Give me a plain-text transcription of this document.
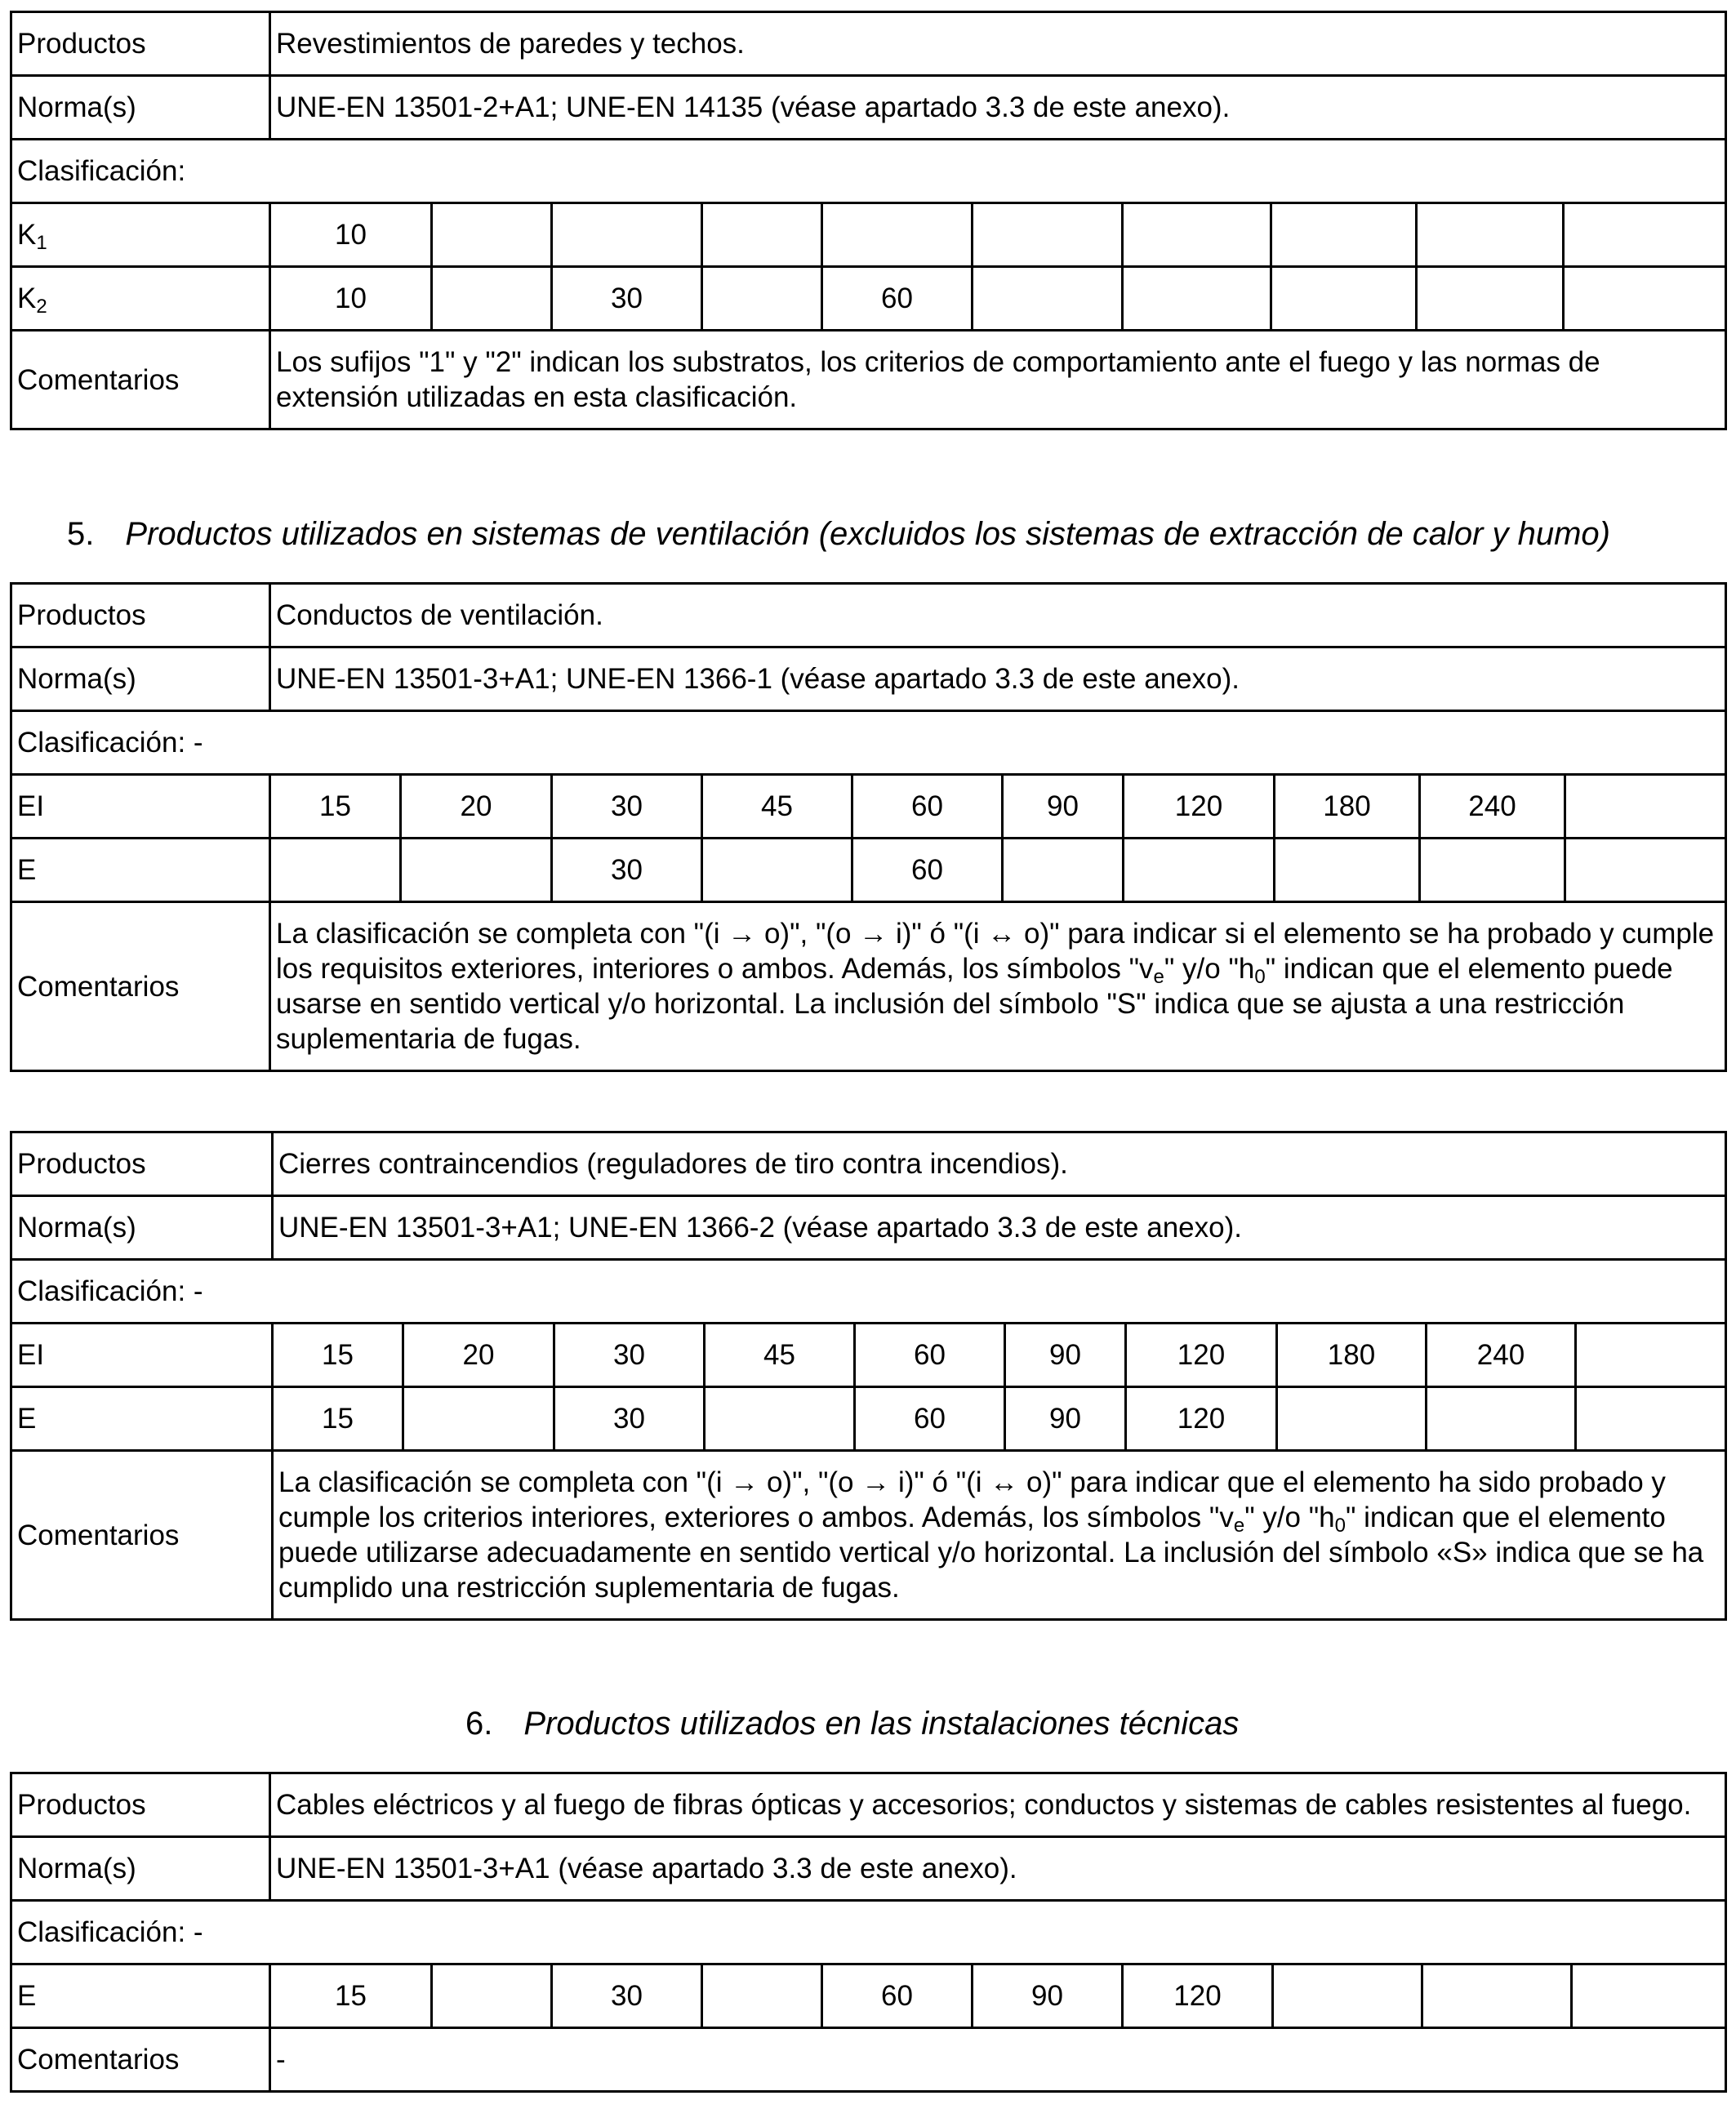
Productos	Revestimientos de paredes y techos.									
Norma(s)	UNE-EN 13501-2+A1; UNE-EN 14135 (véase apartado 3.3 de este anexo).									
Clasificación:										
$K_1$	10									
$K_2$	10		30		60					
Comentarios	Los sufijos "1" y "2" indican los substratos, los criterios de comportamiento ante el fuego y las normas de extensión utilizadas en esta clasificación.									
5. Productos utilizados en sistemas de ventilación (excluidos los sistemas de extracción de calor y humo)
Productos	Conductos de ventilación.									
Norma(s)	UNE-EN 13501-3+A1; UNE-EN 1366-1 (véase apartado 3.3 de este anexo).									
Clasificación: -										
EI	15	20	30	45	60	90	120	180	240	
E			30		60					
Comentarios	La clasificación se completa con "(i → o)", "(o → i)" ó "(i ↔ o)" para indicar si el elemento se ha probado y cumple los requisitos exteriores, interiores o ambos. Además, los símbolos "$v_e$" y/o "$h_0$" indican que el elemento puede usarse en sentido vertical y/o horizontal. La inclusión del símbolo "S" indica que se ajusta a una restricción suplementaria de fugas.									
Productos	Cierres contraincendios (reguladores de tiro contra incendios).									
Norma(s)	UNE-EN 13501-3+A1; UNE-EN 1366-2 (véase apartado 3.3 de este anexo).									
Clasificación: -										
EI	15	20	30	45	60	90	120	180	240	
E	15		30		60	90	120			
Comentarios	La clasificación se completa con "(i → o)", "(o → i)" ó "(i ↔ o)" para indicar que el elemento ha sido probado y cumple los criterios interiores, exteriores o ambos. Además, los símbolos "$v_e$" y/o "$h_0$" indican que el elemento puede utilizarse adecuadamente en sentido vertical y/o horizontal. La inclusión del símbolo «S» indica que se ha cumplido una restricción suplementaria de fugas.									
6. Productos utilizados en las instalaciones técnicas
Productos	Cables eléctricos y al fuego de fibras ópticas y accesorios; conductos y sistemas de cables resistentes al fuego.									
Norma(s)	UNE-EN 13501-3+A1 (véase apartado 3.3 de este anexo).									
Clasificación: -										
E	15		30		60	90	120			
Comentarios	-									
